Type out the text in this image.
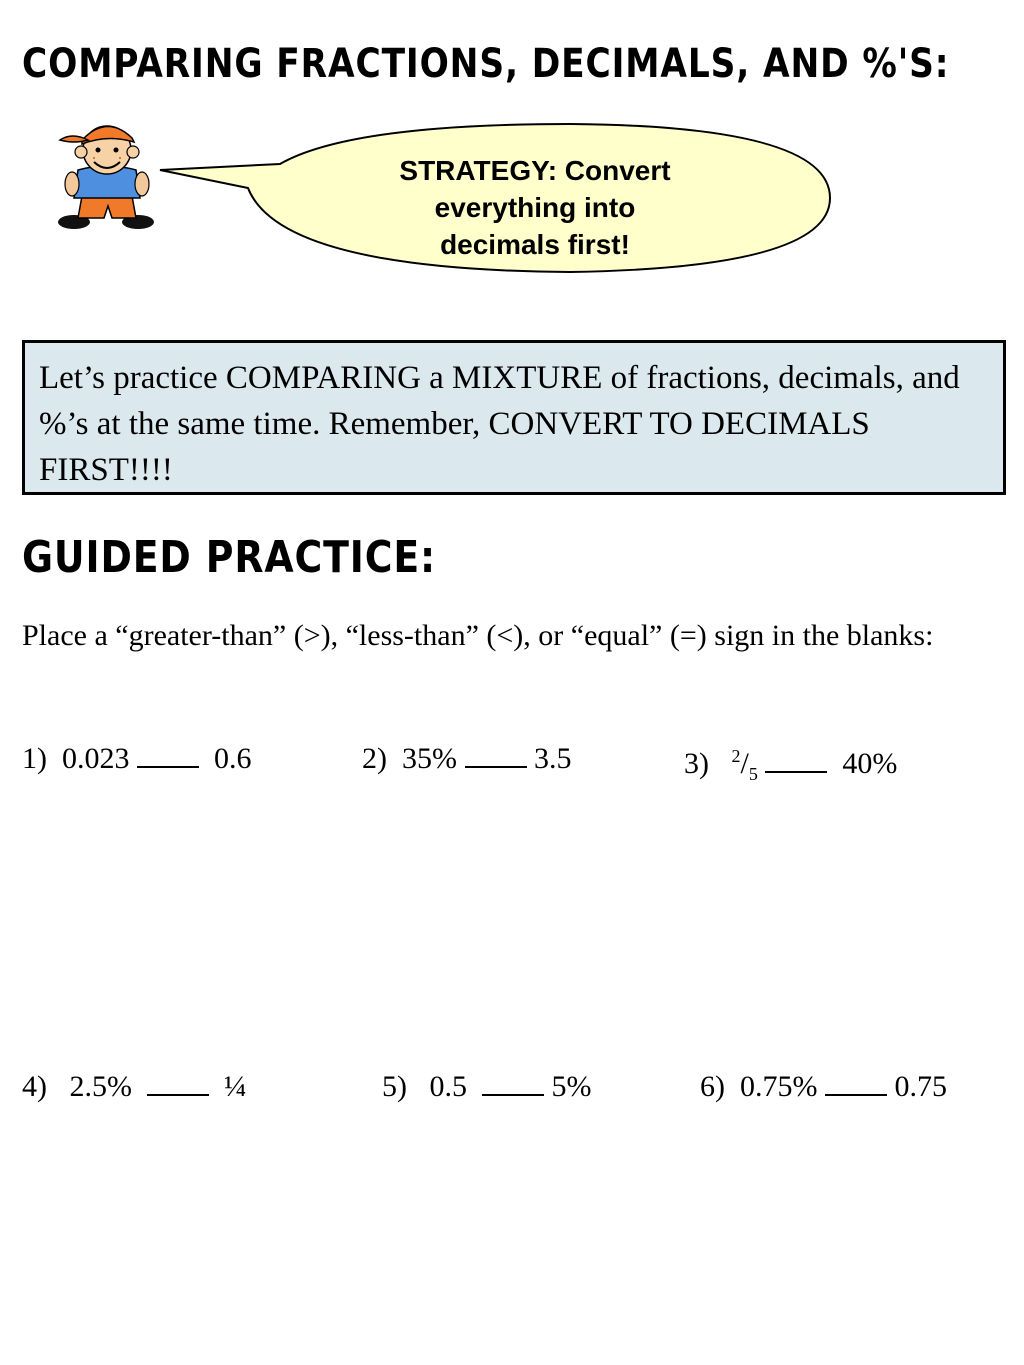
COMPARING FRACTIONS, DECIMALS, AND %'S:
STRATEGY: Convert
everything into
decimals first!
Let’s practice COMPARING a MIXTURE of fractions, decimals, and %’s at the same time. Remember, CONVERT TO DECIMALS FIRST!!!!
GUIDED PRACTICE:
Place a “greater-than” (>), “less-than” (<), or “equal” (=) sign in the blanks:
1) 0.023	0.6	2) 35%	3.5	3) $^2/_5$	40%
4) 2.5%	¼	5) 0.5	5%	6) 0.75%	0.75
